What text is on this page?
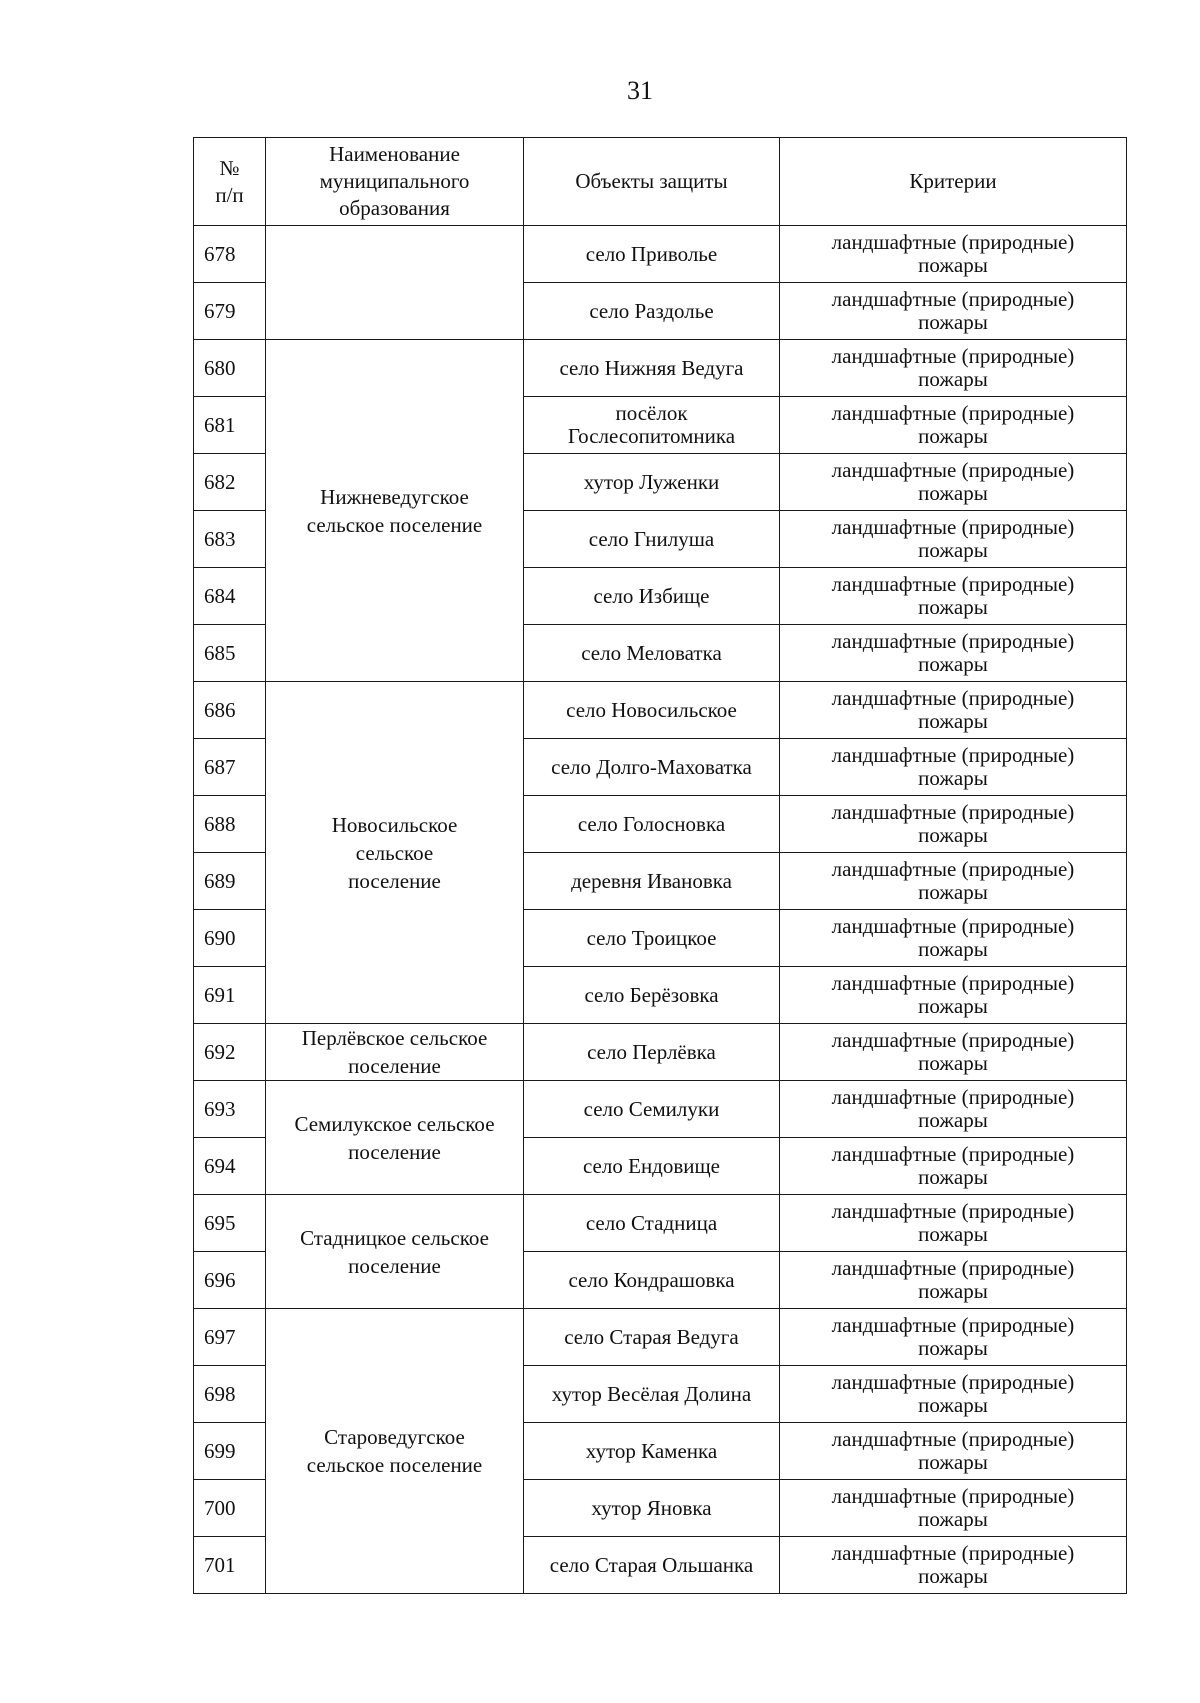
31
№
п/п	Наименование
муниципального
образования	Объекты защиты	Критерии

678		село Приволье	ландшафтные (природные)
пожары

679		село Раздолье	ландшафтные (природные)
пожары

680	Нижневедугское
сельское поселение	село Нижняя Ведуга	ландшафтные (природные)
пожары

681		посёлок
Гослесопитомника	ландшафтные (природные)
пожары

682		хутор Луженки	ландшафтные (природные)
пожары

683		село Гнилуша	ландшафтные (природные)
пожары

684		село Избище	ландшафтные (природные)
пожары

685		село Меловатка	ландшафтные (природные)
пожары

686	Новосильское
сельское
поселение	село Новосильское	ландшафтные (природные)
пожары

687		село Долго-Маховатка	ландшафтные (природные)
пожары

688		село Голосновка	ландшафтные (природные)
пожары

689		деревня Ивановка	ландшафтные (природные)
пожары

690		село Троицкое	ландшафтные (природные)
пожары

691		село Берёзовка	ландшафтные (природные)
пожары

692	Перлёвское сельское
поселение	село Перлёвка	ландшафтные (природные)
пожары

693	Семилукское сельское
поселение	село Семилуки	ландшафтные (природные)
пожары

694		село Ендовище	ландшафтные (природные)
пожары

695	Стадницкое сельское
поселение	село Стадница	ландшафтные (природные)
пожары

696		село Кондрашовка	ландшафтные (природные)
пожары

697	Староведугское
сельское поселение	село Старая Ведуга	ландшафтные (природные)
пожары

698		хутор Весёлая Долина	ландшафтные (природные)
пожары

699		хутор Каменка	ландшафтные (природные)
пожары

700		хутор Яновка	ландшафтные (природные)
пожары

701		село Старая Ольшанка	ландшафтные (природные)
пожары
